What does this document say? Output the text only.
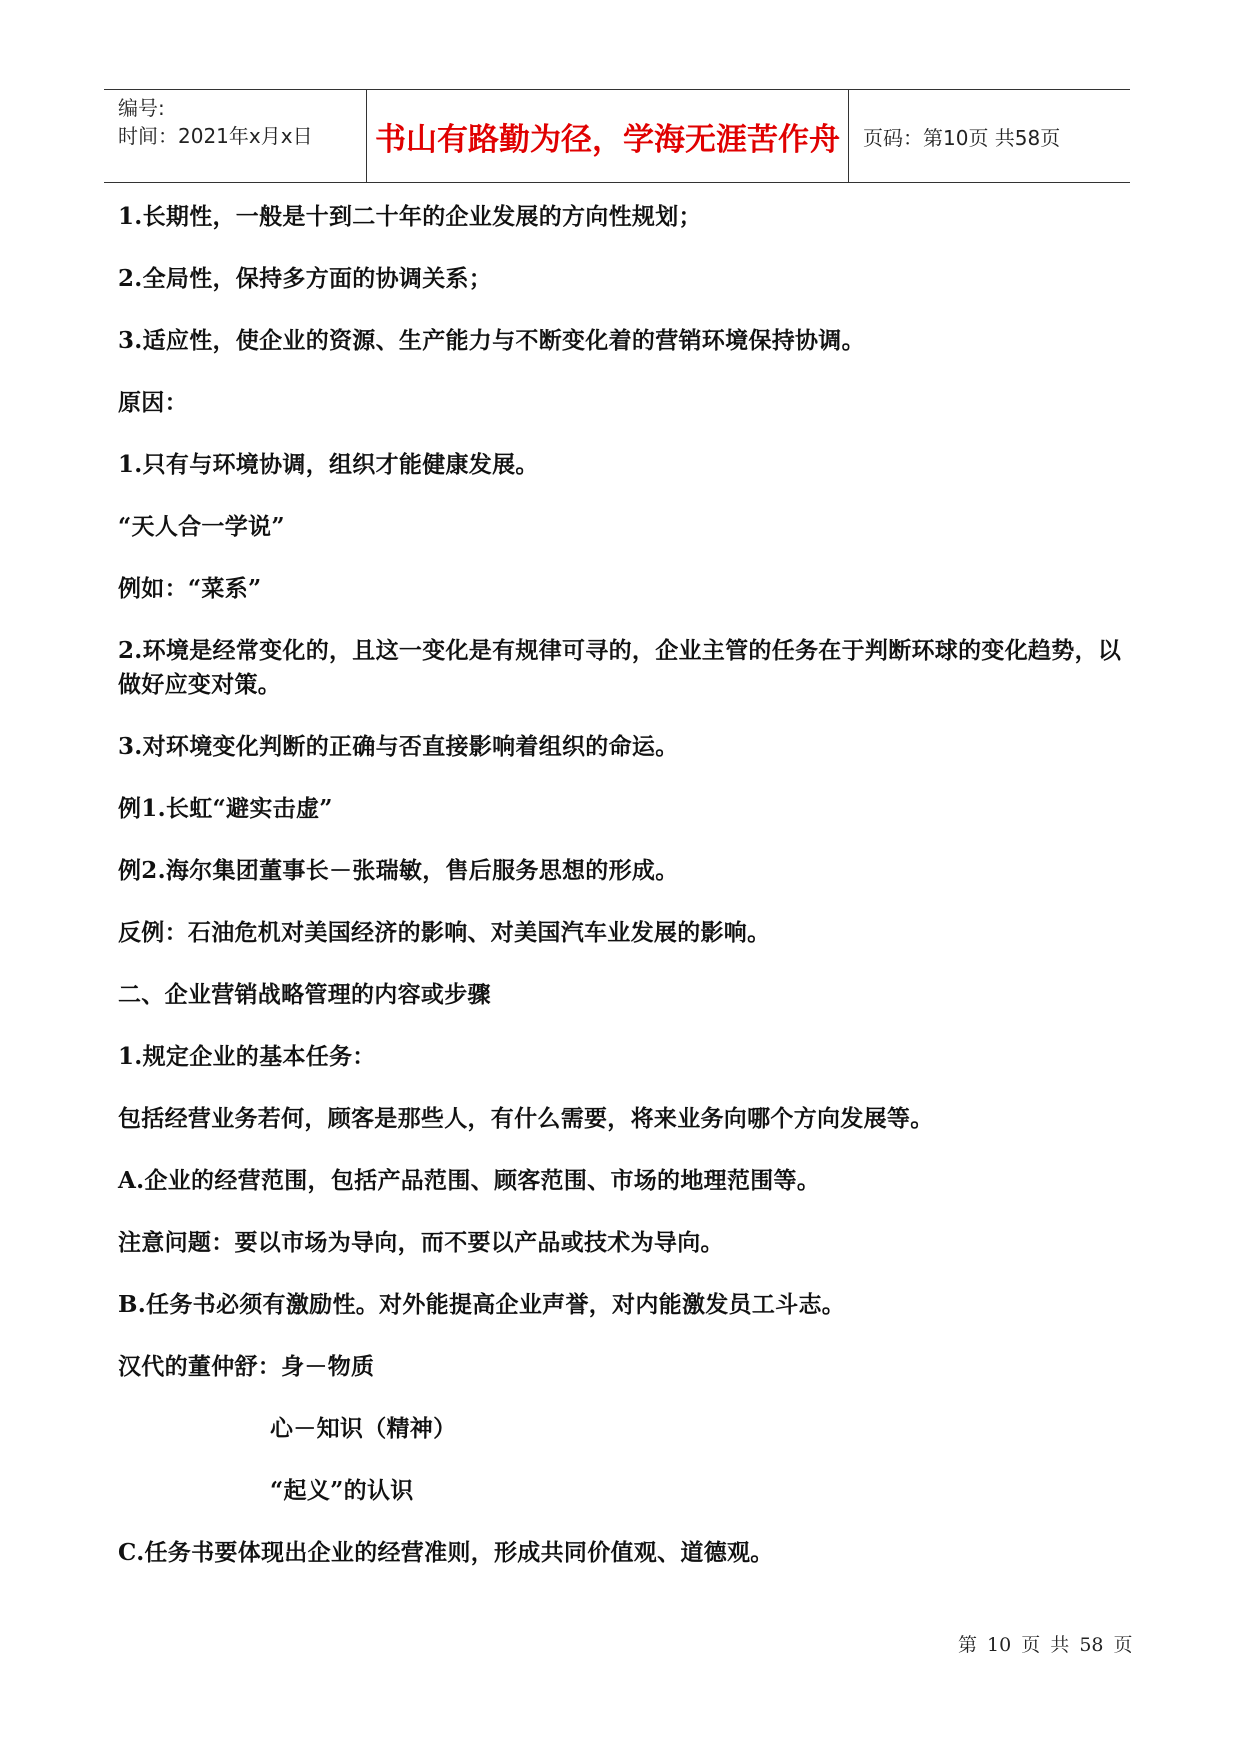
编号:
时间：2021年x月x日	书山有路勤为径，学海无涯苦作舟	页码：第10页 共58页

1.长期性，一般是十到二十年的企业发展的方向性规划；

2.全局性，保持多方面的协调关系；

3.适应性，使企业的资源、生产能力与不断变化着的营销环境保持协调。

原因：

1.只有与环境协调，组织才能健康发展。

“天人合一学说”

例如：“菜系”

2.环境是经常变化的，且这一变化是有规律可寻的，企业主管的任务在于判断环球的变化趋势，以做好应变对策。

3.对环境变化判断的正确与否直接影响着组织的命运。

例1.长虹“避实击虚”

例2.海尔集团董事长－张瑞敏，售后服务思想的形成。

反例：石油危机对美国经济的影响、对美国汽车业发展的影响。

二、企业营销战略管理的内容或步骤

1.规定企业的基本任务：

包括经营业务若何，顾客是那些人，有什么需要，将来业务向哪个方向发展等。

A.企业的经营范围，包括产品范围、顾客范围、市场的地理范围等。

注意问题：要以市场为导向，而不要以产品或技术为导向。

B.任务书必须有激励性。对外能提高企业声誉，对内能激发员工斗志。

汉代的董仲舒：身－物质

心－知识（精神）

“起义”的认识

C.任务书要体现出企业的经营准则，形成共同价值观、道德观。

第 10 页 共 58 页
